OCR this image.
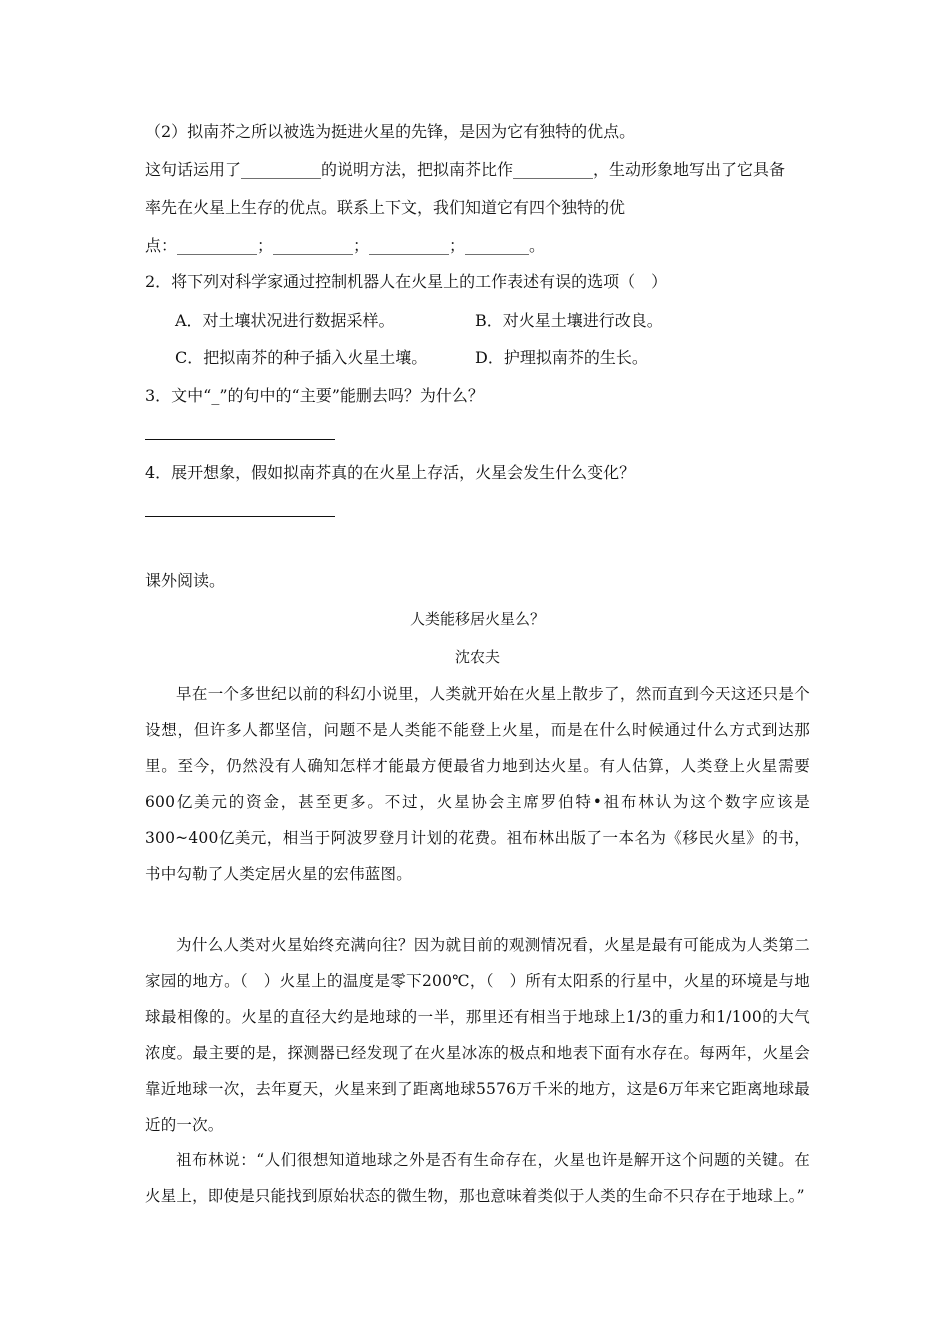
（2）拟南芥之所以被选为挺进火星的先锋，是因为它有独特的优点。
这句话运用了__________的说明方法，把拟南芥比作__________，生动形象地写出了它具备
率先在火星上生存的优点。联系上下文，我们知道它有四个独特的优
点：__________；__________；__________；________。
2．将下列对科学家通过控制机器人在火星上的工作表述有误的选项（　）
A．对土壤状况进行数据采样。	B．对火星土壤进行改良。
C．把拟南芥的种子插入火星土壤。	D．护理拟南芥的生长。
3．文中“_”的句中的“主要”能删去吗？为什么？
4．展开想象，假如拟南芥真的在火星上存活，火星会发生什么变化？
课外阅读。
人类能移居火星么？
沈农夫
早在一个多世纪以前的科幻小说里，人类就开始在火星上散步了，然而直到今天这还只是个设想，但许多人都坚信，问题不是人类能不能登上火星，而是在什么时候通过什么方式到达那里。至今，仍然没有人确知怎样才能最方便最省力地到达火星。有人估算，人类登上火星需要600亿美元的资金，甚至更多。不过，火星协会主席罗伯特•祖布林认为这个数字应该是300~400亿美元，相当于阿波罗登月计划的花费。祖布林出版了一本名为《移民火星》的书，书中勾勒了人类定居火星的宏伟蓝图。
为什么人类对火星始终充满向往？因为就目前的观测情况看，火星是最有可能成为人类第二家园的地方。（　）火星上的温度是零下200℃，（　）所有太阳系的行星中，火星的环境是与地球最相像的。火星的直径大约是地球的一半，那里还有相当于地球上1/3的重力和1/100的大气浓度。最主要的是，探测器已经发现了在火星冰冻的极点和地表下面有水存在。每两年，火星会靠近地球一次，去年夏天，火星来到了距离地球5576万千米的地方，这是6万年来它距离地球最近的一次。
祖布林说：“人们很想知道地球之外是否有生命存在，火星也许是解开这个问题的关键。在火星上，即使是只能找到原始状态的微生物，那也意味着类似于人类的生命不只存在于地球上。”
